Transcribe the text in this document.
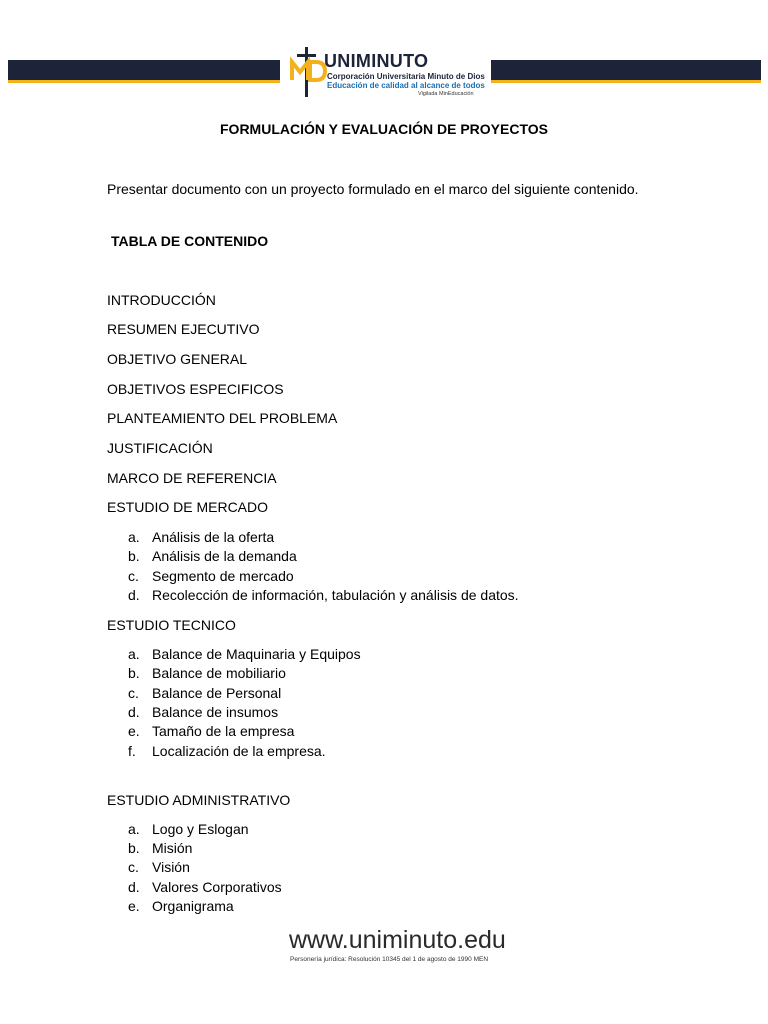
UNIMINUTO
Corporación Universitaria Minuto de Dios
Educación de calidad al alcance de todos
Vigilada MinEducación
FORMULACIÓN Y EVALUACIÓN DE PROYECTOS
Presentar documento con un proyecto formulado en el marco del siguiente contenido.
TABLA DE CONTENIDO
INTRODUCCIÓN
RESUMEN EJECUTIVO
OBJETIVO GENERAL
OBJETIVOS ESPECIFICOS
PLANTEAMIENTO DEL PROBLEMA
JUSTIFICACIÓN
MARCO DE REFERENCIA
ESTUDIO DE MERCADO
a. Análisis de la oferta
b. Análisis de la demanda
c. Segmento de mercado
d. Recolección de información, tabulación y análisis de datos.
ESTUDIO TECNICO
a. Balance de Maquinaria y Equipos
b. Balance de mobiliario
c. Balance de Personal
d. Balance de insumos
e. Tamaño de la empresa
f. Localización de la empresa.
ESTUDIO ADMINISTRATIVO
a. Logo y Eslogan
b. Misión
c. Visión
d. Valores Corporativos
e. Organigrama
www.uniminuto.edu
Personería jurídica: Resolución 10345 del 1 de agosto de 1990 MEN
